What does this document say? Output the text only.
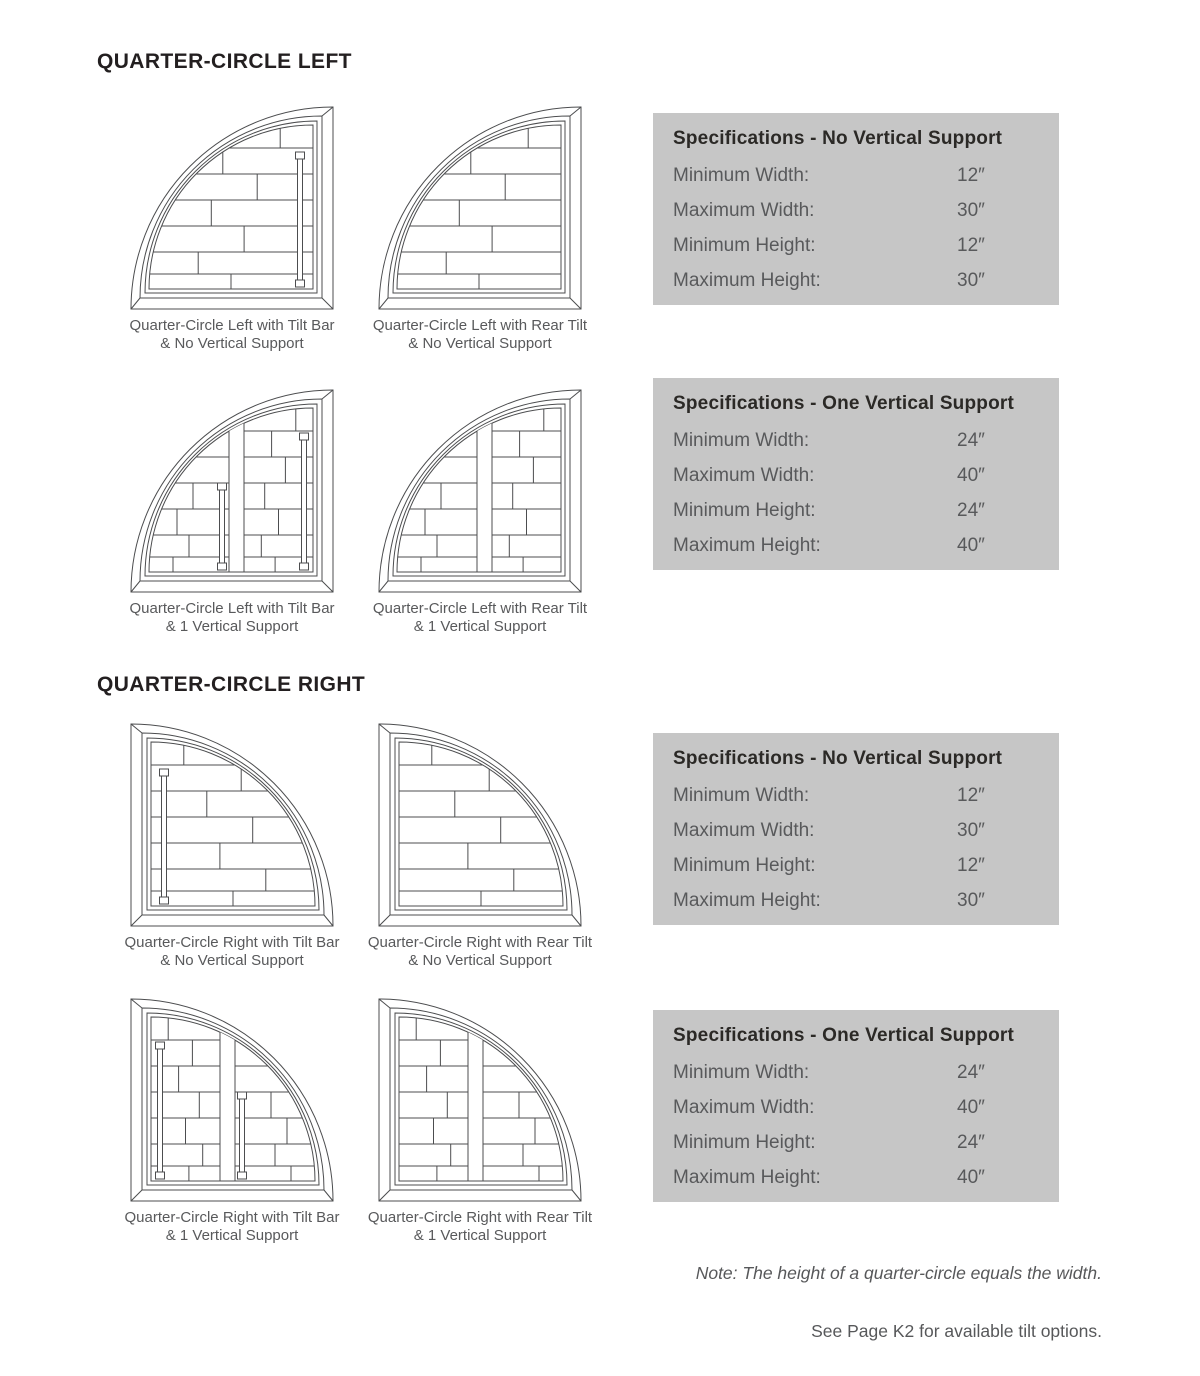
QUARTER-CIRCLE LEFT
Quarter-Circle Left with Tilt Bar
& No Vertical Support
Quarter-Circle Left with Rear Tilt
& No Vertical Support
Specifications - No Vertical Support
Minimum Width:	12″
Maximum Width:	30″
Minimum Height:	12″
Maximum Height:	30″
Quarter-Circle Left with Tilt Bar
& 1 Vertical Support
Quarter-Circle Left with Rear Tilt
& 1 Vertical Support
Specifications - One Vertical Support
Minimum Width:	24″
Maximum Width:	40″
Minimum Height:	24″
Maximum Height:	40″
QUARTER-CIRCLE RIGHT
Quarter-Circle Right with Tilt Bar
& No Vertical Support
Quarter-Circle Right with Rear Tilt
& No Vertical Support
Specifications - No Vertical Support
Minimum Width:	12″
Maximum Width:	30″
Minimum Height:	12″
Maximum Height:	30″
Quarter-Circle Right with Tilt Bar
& 1 Vertical Support
Quarter-Circle Right with Rear Tilt
& 1 Vertical Support
Specifications - One Vertical Support
Minimum Width:	24″
Maximum Width:	40″
Minimum Height:	24″
Maximum Height:	40″
Note: The height of a quarter-circle equals the width.
See Page K2 for available tilt options.
